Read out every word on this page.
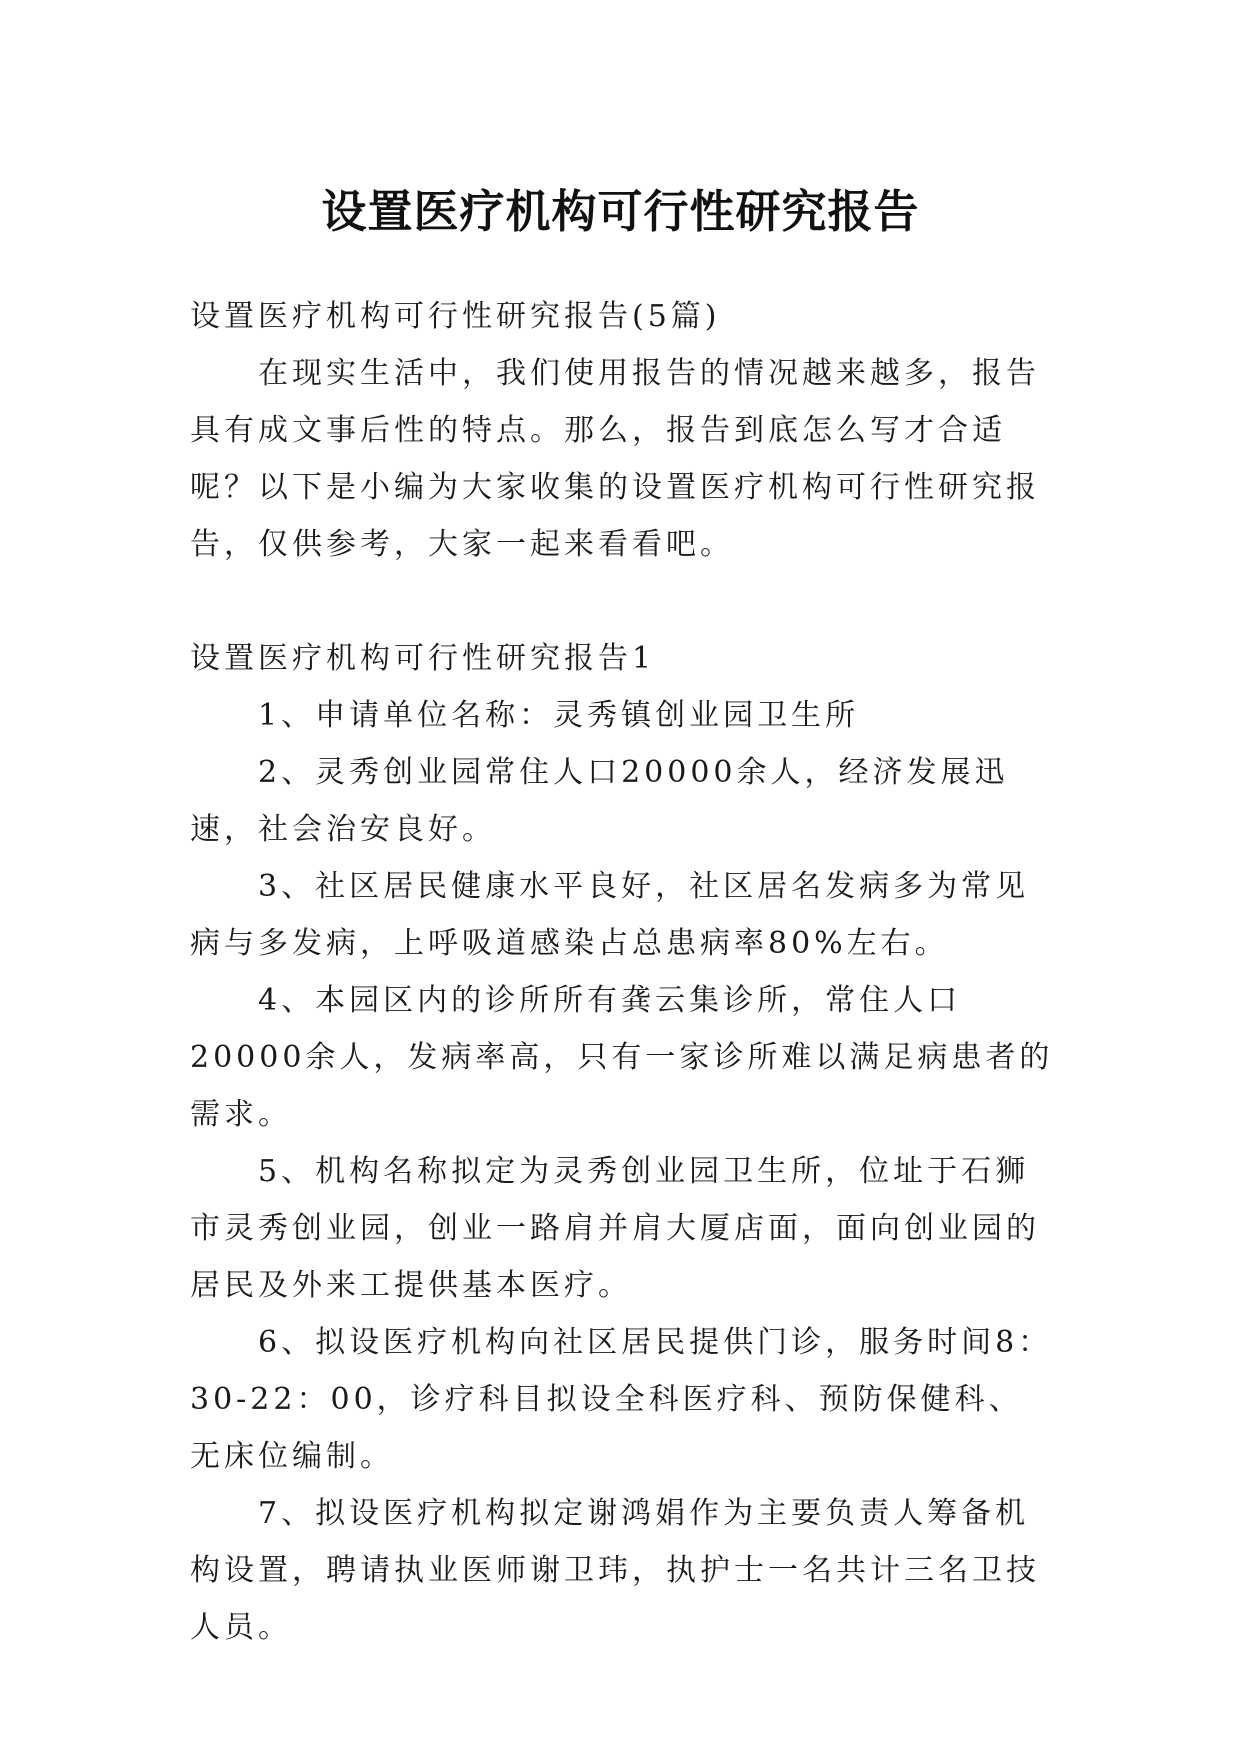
设置医疗机构可行性研究报告

设置医疗机构可行性研究报告(5篇)

在现实生活中，我们使用报告的情况越来越多，报告具有成文事后性的特点。那么，报告到底怎么写才合适呢？以下是小编为大家收集的设置医疗机构可行性研究报告，仅供参考，大家一起来看看吧。

设置医疗机构可行性研究报告1

1、申请单位名称：灵秀镇创业园卫生所

2、灵秀创业园常住人口20000余人，经济发展迅速，社会治安良好。

3、社区居民健康水平良好，社区居名发病多为常见病与多发病，上呼吸道感染占总患病率80%左右。

4、本园区内的诊所所有龚云集诊所，常住人口20000余人，发病率高，只有一家诊所难以满足病患者的需求。

5、机构名称拟定为灵秀创业园卫生所，位址于石狮市灵秀创业园，创业一路肩并肩大厦店面，面向创业园的居民及外来工提供基本医疗。

6、拟设医疗机构向社区居民提供门诊，服务时间8：30-22：00，诊疗科目拟设全科医疗科、预防保健科、无床位编制。

7、拟设医疗机构拟定谢鸿娟作为主要负责人筹备机构设置，聘请执业医师谢卫玮，执护士一名共计三名卫技人员。
